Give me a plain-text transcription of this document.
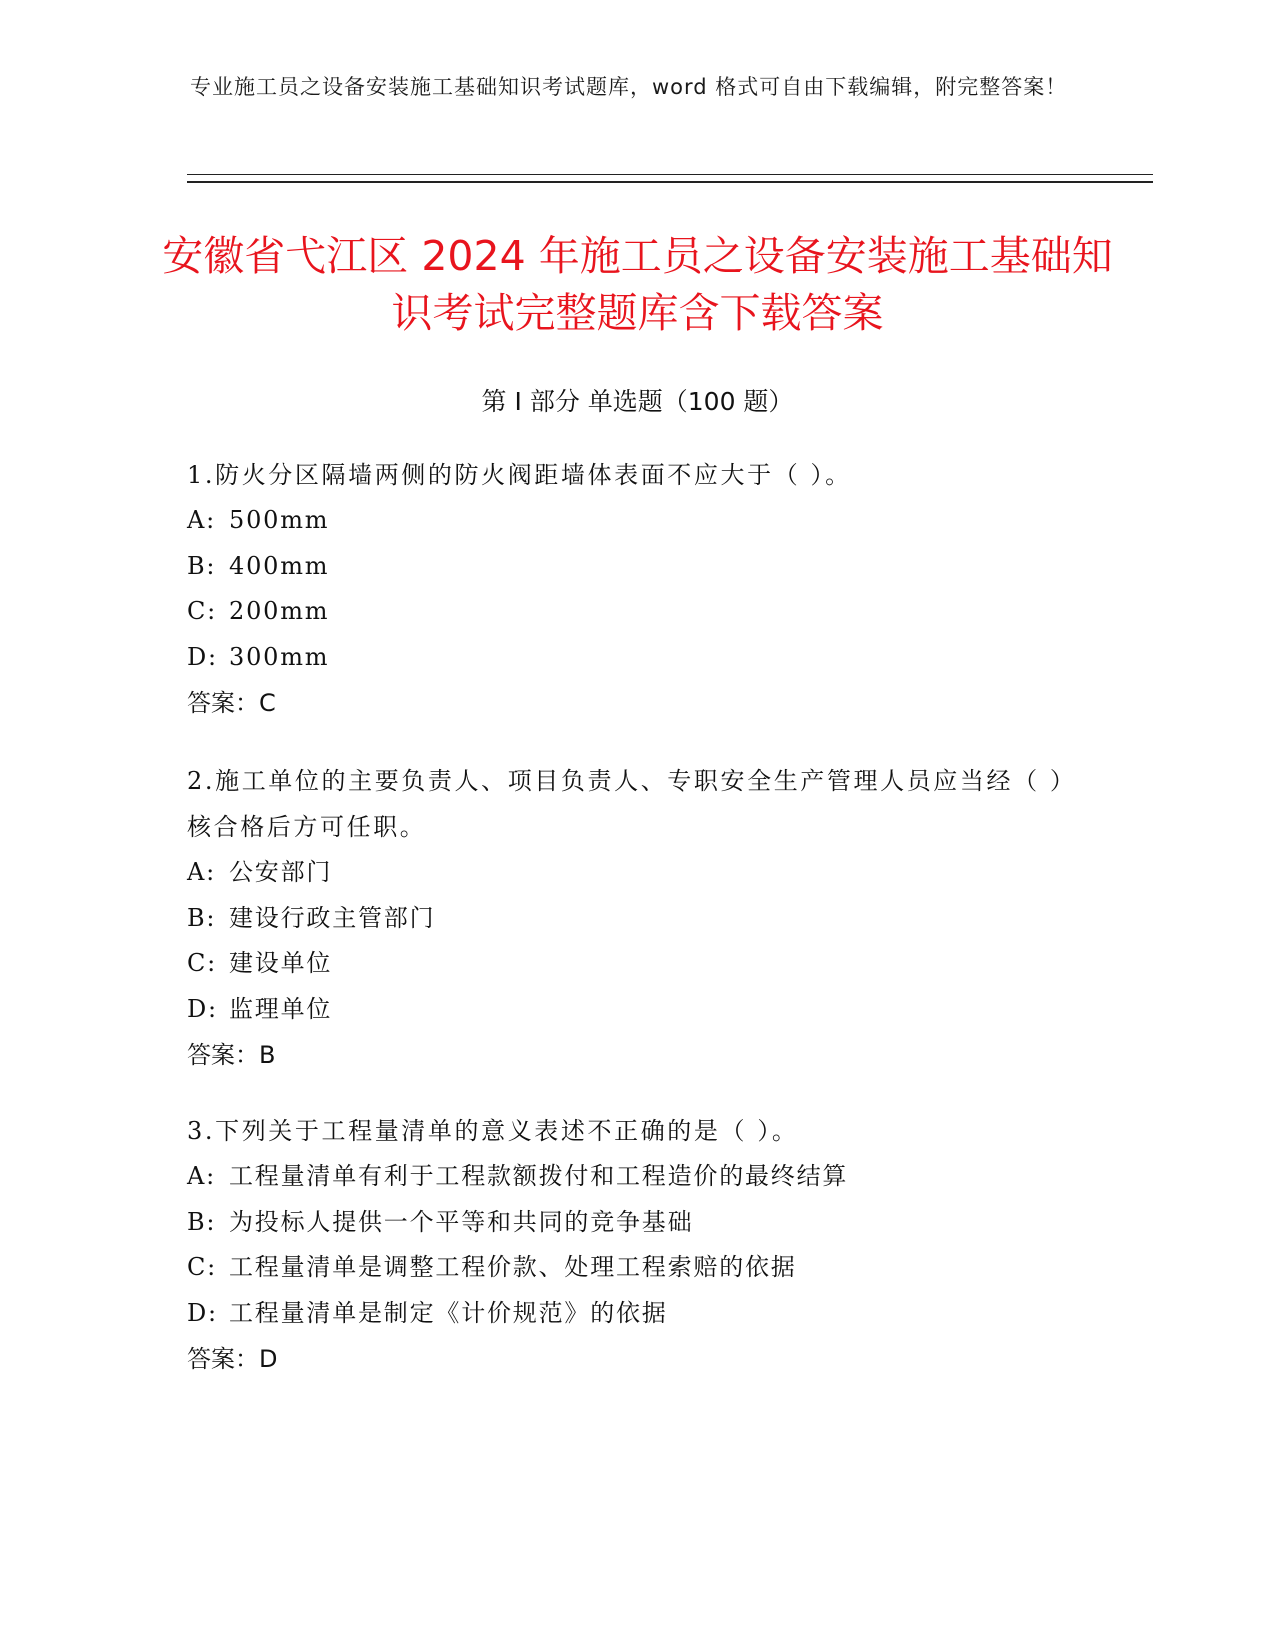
专业施工员之设备安装施工基础知识考试题库，word 格式可自由下载编辑，附完整答案！
安徽省弋江区 2024 年施工员之设备安装施工基础知识考试完整题库含下载答案
第 I 部分 单选题（100 题）

1.防火分区隔墙两侧的防火阀距墙体表面不应大于（ ）。

A: 500mm

B: 400mm

C: 200mm

D: 300mm

答案：C

2.施工单位的主要负责人、项目负责人、专职安全生产管理人员应当经（ ）核合格后方可任职。

A: 公安部门

B: 建设行政主管部门

C: 建设单位

D: 监理单位

答案：B

3.下列关于工程量清单的意义表述不正确的是（ ）。

A: 工程量清单有利于工程款额拨付和工程造价的最终结算

B: 为投标人提供一个平等和共同的竞争基础

C: 工程量清单是调整工程价款、处理工程索赔的依据

D: 工程量清单是制定《计价规范》的依据

答案：D
